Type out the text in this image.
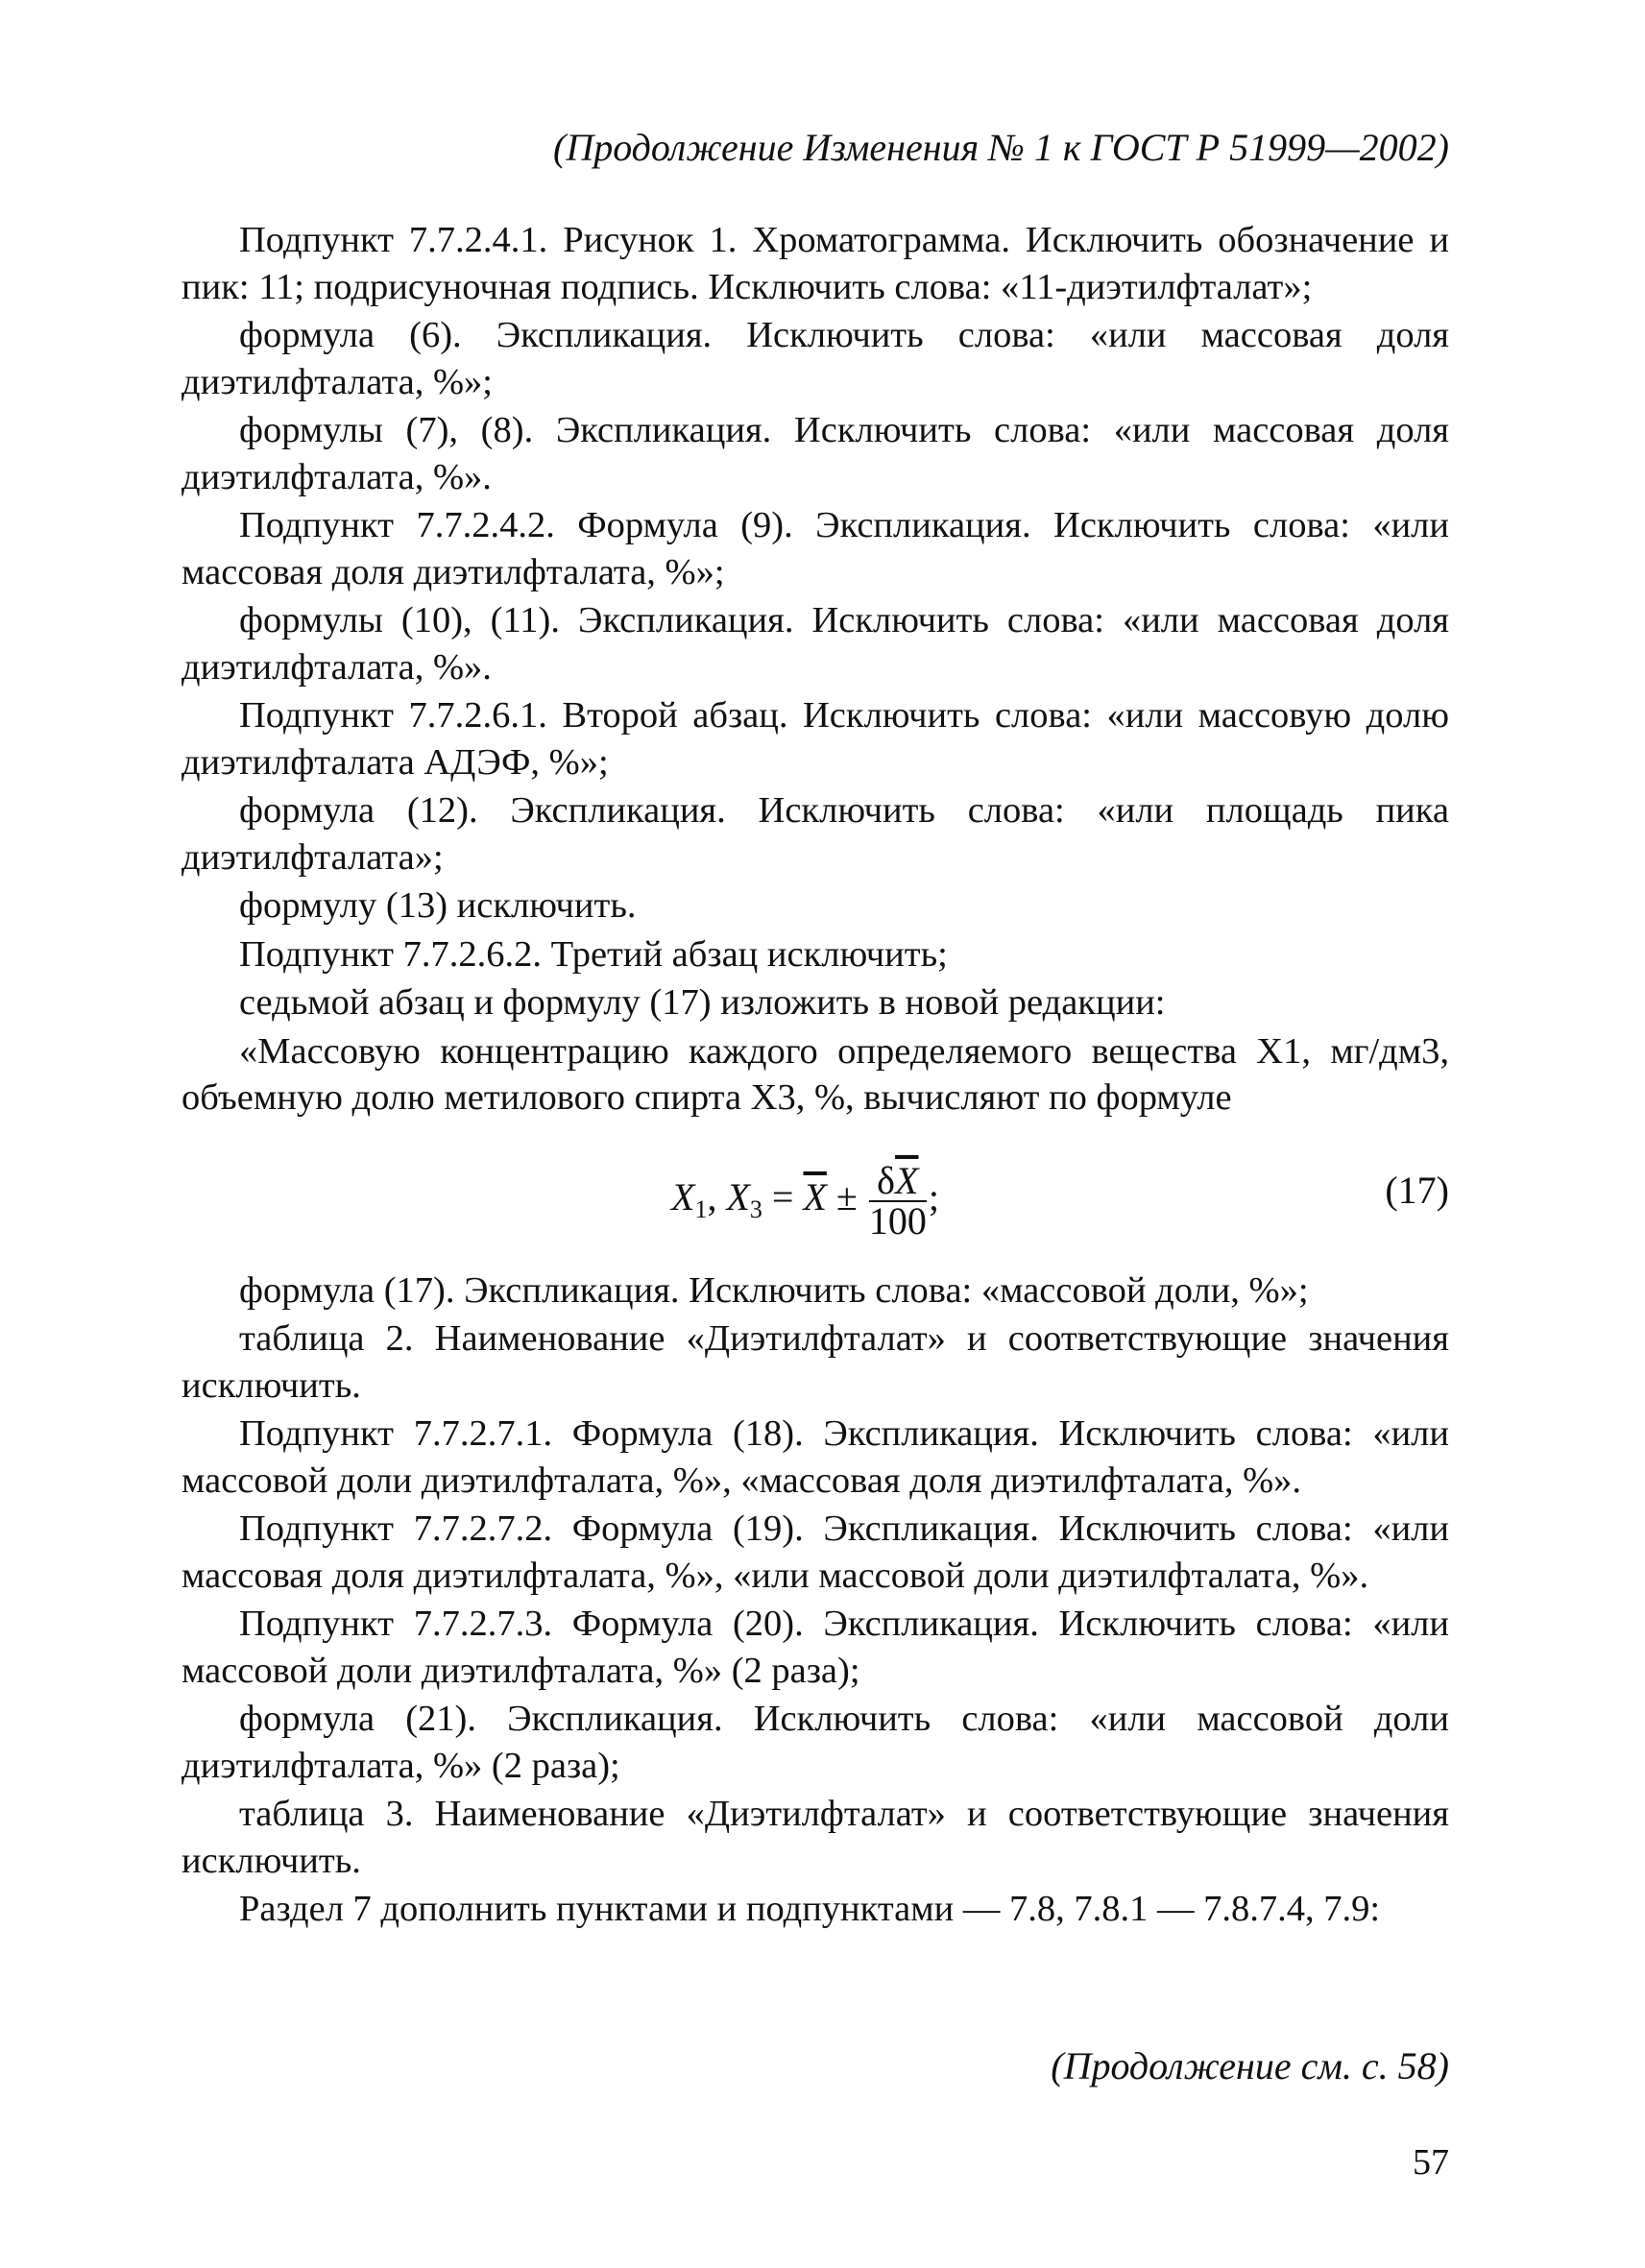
(Продолжение Изменения № 1 к ГОСТ Р 51999—2002)

Подпункт 7.7.2.4.1. Рисунок 1. Хроматограмма. Исключить обозначение и пик: 11; подрисуночная подпись. Исключить слова: «11-диэтилфталат»;

формула (6). Экспликация. Исключить слова: «или массовая доля диэтилфталата, %»;

формулы (7), (8). Экспликация. Исключить слова: «или массовая доля диэтилфталата, %».

Подпункт 7.7.2.4.2. Формула (9). Экспликация. Исключить слова: «или массовая доля диэтилфталата, %»;

формулы (10), (11). Экспликация. Исключить слова: «или массовая доля диэтилфталата, %».

Подпункт 7.7.2.6.1. Второй абзац. Исключить слова: «или массовую долю диэтилфталата АДЭФ, %»;

формула (12). Экспликация. Исключить слова: «или площадь пика диэтилфталата»;

формулу (13) исключить.

Подпункт 7.7.2.6.2. Третий абзац исключить;

седьмой абзац и формулу (17) изложить в новой редакции:

«Массовую концентрацию каждого определяемого вещества X1, мг/дм3, объемную долю метилового спирта X3, %, вычисляют по формуле

$X_1$, $X_3 = \overline{X} \pm \frac{\delta\overline{X}}{100}$ ;	(17)

формула (17). Экспликация. Исключить слова: «массовой доли, %»;

таблица 2. Наименование «Диэтилфталат» и соответствующие значения исключить.

Подпункт 7.7.2.7.1. Формула (18). Экспликация. Исключить слова: «или массовой доли диэтилфталата, %», «массовая доля диэтилфталата, %».

Подпункт 7.7.2.7.2. Формула (19). Экспликация. Исключить слова: «или массовая доля диэтилфталата, %», «или массовой доли диэтилфталата, %».

Подпункт 7.7.2.7.3. Формула (20). Экспликация. Исключить слова: «или массовой доли диэтилфталата, %» (2 раза);

формула (21). Экспликация. Исключить слова: «или массовой доли диэтилфталата, %» (2 раза);

таблица 3. Наименование «Диэтилфталат» и соответствующие значения исключить.

Раздел 7 дополнить пунктами и подпунктами — 7.8, 7.8.1 — 7.8.7.4, 7.9:

(Продолжение см. с. 58)
57
